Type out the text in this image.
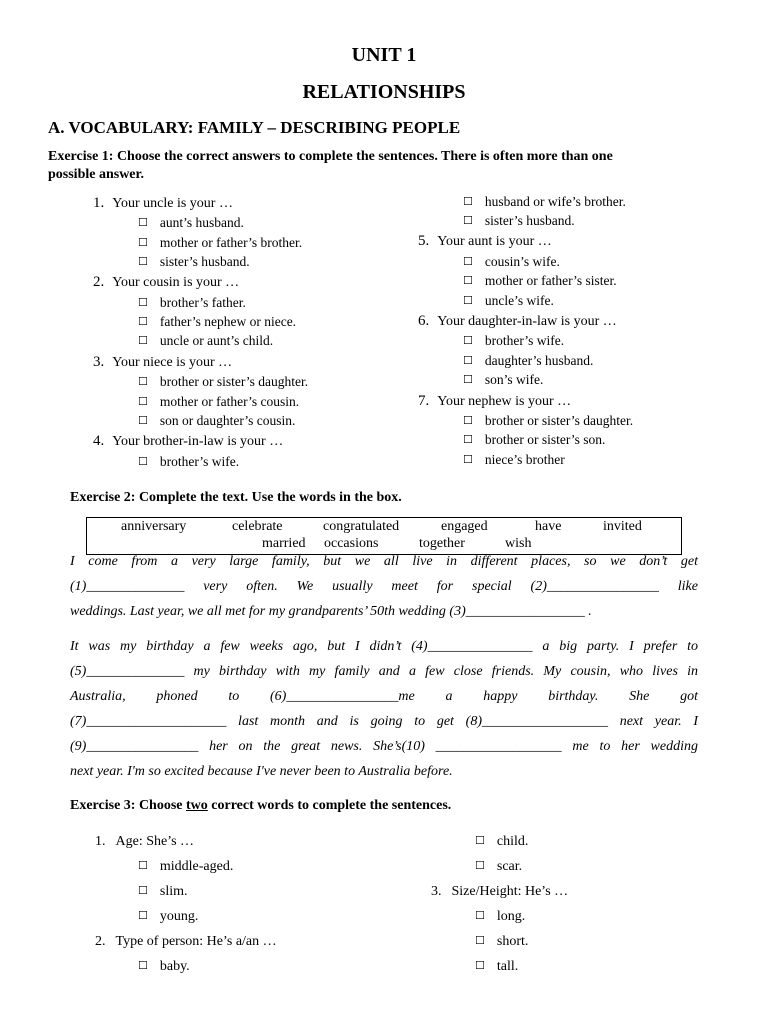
UNIT 1
RELATIONSHIPS
A. VOCABULARY: FAMILY – DESCRIBING PEOPLE
Exercise 1: Choose the correct answers to complete the sentences. There is often more than one
possible answer.
1. Your uncle is your …
☐ aunt’s husband.
☐ mother or father’s brother.
☐ sister’s husband.
2. Your cousin is your …
☐ brother’s father.
☐ father’s nephew or niece.
☐ uncle or aunt’s child.
3. Your niece is your …
☐ brother or sister’s daughter.
☐ mother or father’s cousin.
☐ son or daughter’s cousin.
4. Your brother-in-law is your …
☐ brother’s wife.
☐ husband or wife’s brother.
☐ sister’s husband.
5. Your aunt is your …
☐ cousin’s wife.
☐ mother or father’s sister.
☐ uncle’s wife.
6. Your daughter-in-law is your …
☐ brother’s wife.
☐ daughter’s husband.
☐ son’s wife.
7. Your nephew is your …
☐ brother or sister’s daughter.
☐ brother or sister’s son.
☐ niece’s brother
Exercise 2: Complete the text. Use the words in the box.
anniversary	celebrate	congratulated	engaged	have	invited
married occasions	together	wish
I come from a very large family, but we all live in different places, so we don’t get
(1)______________ very often. We usually meet for special (2)________________ like
weddings. Last year, we all met for my grandparents’ 50th wedding (3)_________________ .
It was my birthday a few weeks ago, but I didn’t (4)_______________ a big party. I prefer to
(5)______________ my birthday with my family and a few close friends. My cousin, who lives in
Australia, phoned to (6)________________me a happy birthday. She got
(7)____________________ last month and is going to get (8)__________________ next year. I
(9)________________ her on the great news. She’s(10) __________________ me to her wedding
next year. I'm so excited because I've never been to Australia before.
Exercise 3: Choose two correct words to complete the sentences.
1. Age: She’s …
☐ middle-aged.
☐ slim.
☐ young.
2. Type of person: He’s a/an …
☐ baby.
☐ child.
☐ scar.
3. Size/Height: He’s …
☐ long.
☐ short.
☐ tall.
